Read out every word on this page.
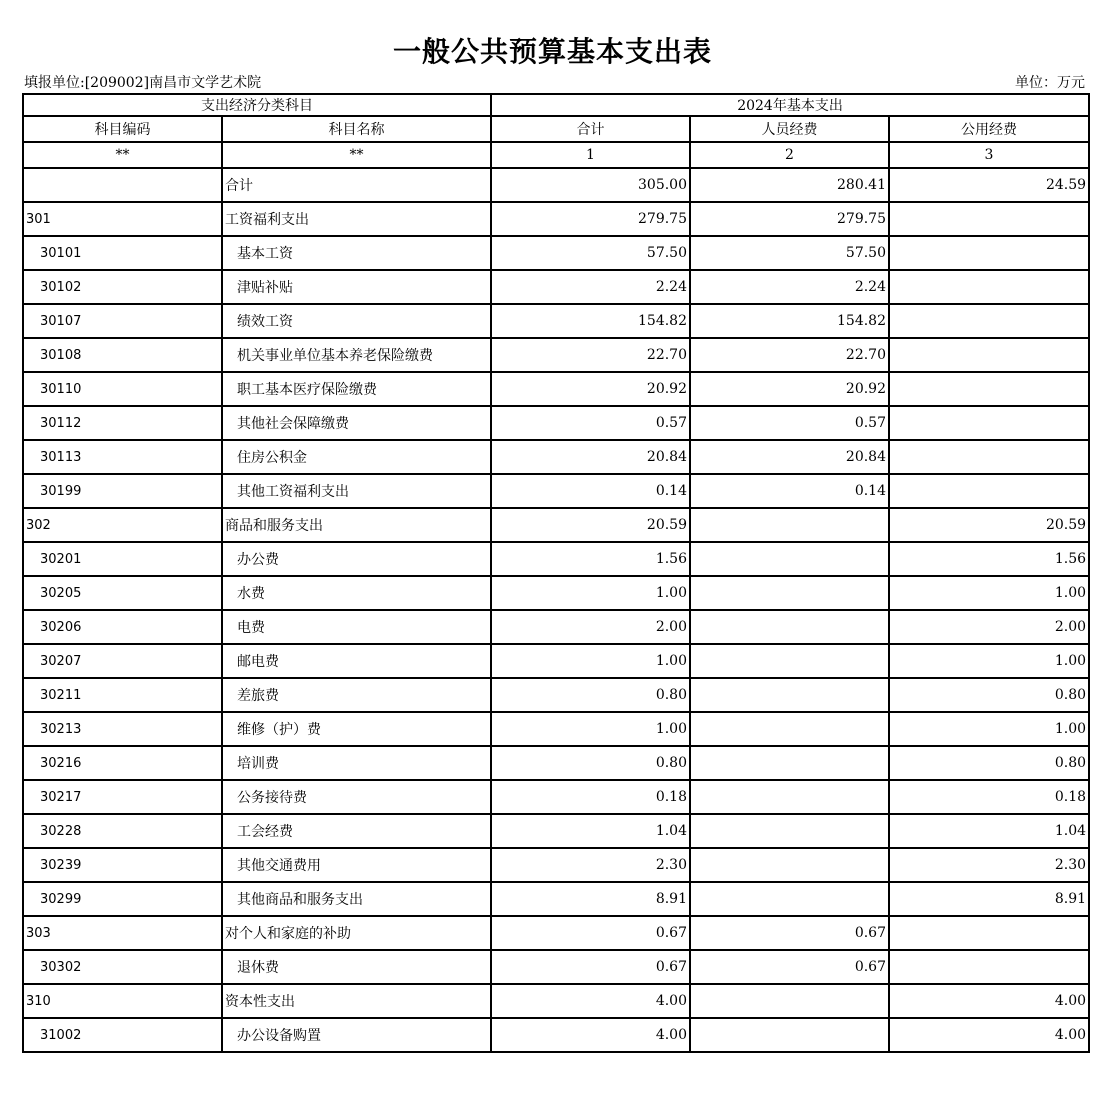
一般公共预算基本支出表
填报单位:[209002]南昌市文学艺术院	单位：万元
支出经济分类科目		2024年基本支出		
科目编码	科目名称	合计	人员经费	公用经费
**	**	1	2	3
	合计	305.00	280.41	24.59
301	工资福利支出	279.75	279.75	
30101	基本工资	57.50	57.50	
30102	津贴补贴	2.24	2.24	
30107	绩效工资	154.82	154.82	
30108	机关事业单位基本养老保险缴费	22.70	22.70	
30110	职工基本医疗保险缴费	20.92	20.92	
30112	其他社会保障缴费	0.57	0.57	
30113	住房公积金	20.84	20.84	
30199	其他工资福利支出	0.14	0.14	
302	商品和服务支出	20.59		20.59
30201	办公费	1.56		1.56
30205	水费	1.00		1.00
30206	电费	2.00		2.00
30207	邮电费	1.00		1.00
30211	差旅费	0.80		0.80
30213	维修（护）费	1.00		1.00
30216	培训费	0.80		0.80
30217	公务接待费	0.18		0.18
30228	工会经费	1.04		1.04
30239	其他交通费用	2.30		2.30
30299	其他商品和服务支出	8.91		8.91
303	对个人和家庭的补助	0.67	0.67	
30302	退休费	0.67	0.67	
310	资本性支出	4.00		4.00
31002	办公设备购置	4.00		4.00
